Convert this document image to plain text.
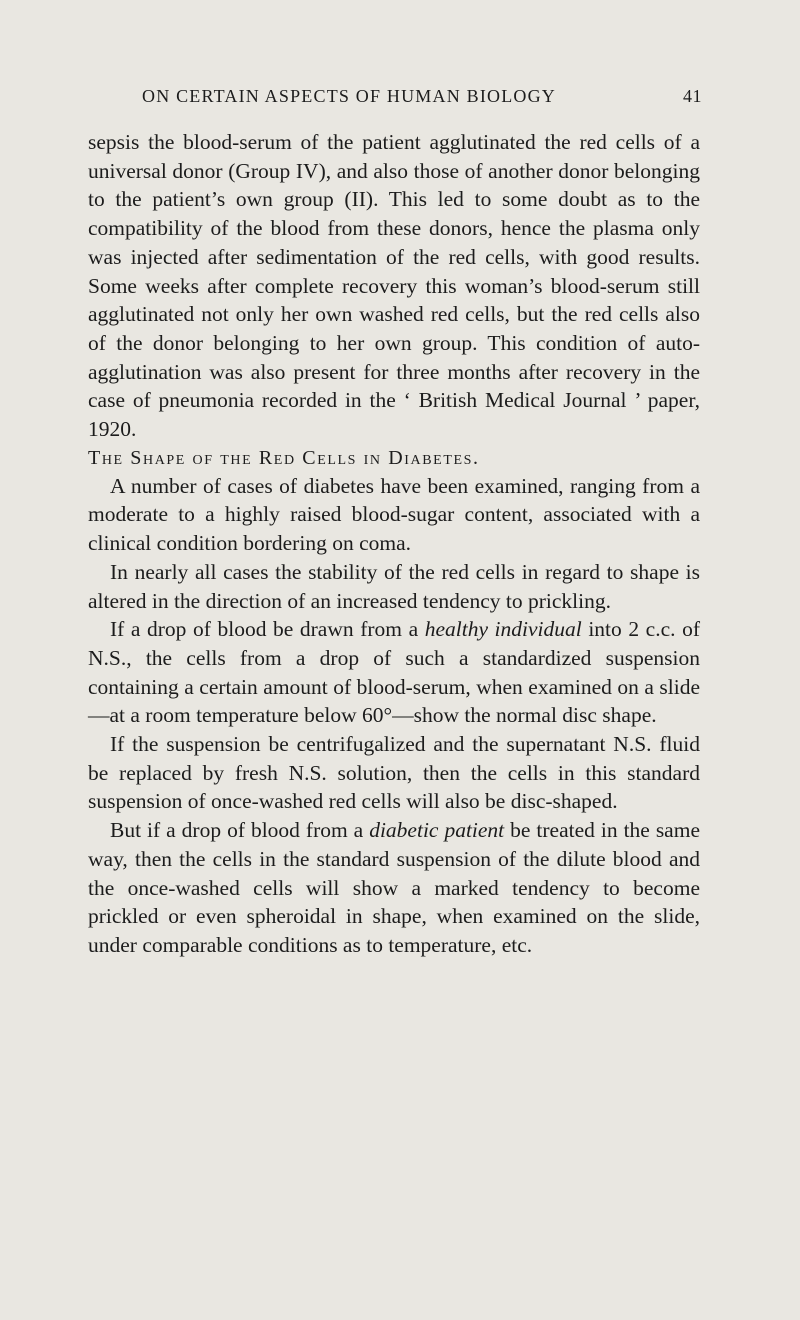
ON CERTAIN ASPECTS OF HUMAN BIOLOGY	41

sepsis the blood-serum of the patient agglutinated the red cells of a universal donor (Group IV), and also those of another donor belonging to the patient’s own group (II). This led to some doubt as to the compatibility of the blood from these donors, hence the plasma only was injected after sedimentation of the red cells, with good results. Some weeks after complete recovery this woman’s blood-serum still agglutinated not only her own washed red cells, but the red cells also of the donor belonging to her own group. This condition of auto-agglutination was also present for three months after recovery in the case of pneumonia recorded in the ‘ British Medical Journal ’ paper, 1920.

The Shape of the Red Cells in Diabetes.

A number of cases of diabetes have been examined, ranging from a moderate to a highly raised blood-sugar content, associated with a clinical condition bordering on coma.

In nearly all cases the stability of the red cells in regard to shape is altered in the direction of an increased tendency to prickling.

If a drop of blood be drawn from a healthy individual into 2 c.c. of N.S., the cells from a drop of such a standardized suspension containing a certain amount of blood-serum, when examined on a slide—at a room temperature below 60°—show the normal disc shape.

If the suspension be centrifugalized and the supernatant N.S. fluid be replaced by fresh N.S. solution, then the cells in this standard suspension of once-washed red cells will also be disc-shaped.

But if a drop of blood from a diabetic patient be treated in the same way, then the cells in the standard suspension of the dilute blood and the once-washed cells will show a marked tendency to become prickled or even spheroidal in shape, when examined on the slide, under comparable conditions as to temperature, etc.
